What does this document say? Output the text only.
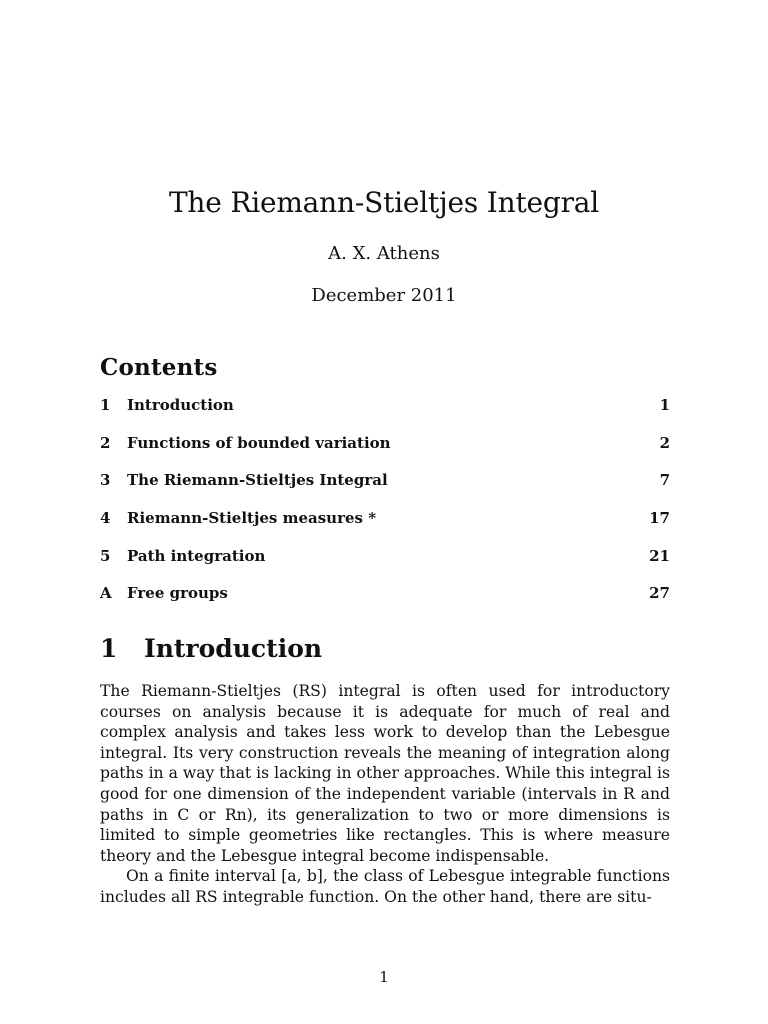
The Riemann-Stieltjes Integral
A. X. Athens
December 2011
Contents
1	Introduction	1
2	Functions of bounded variation	2
3	The Riemann-Stieltjes Integral	7
4	Riemann-Stieltjes measures *	17
5	Path integration	21
A	Free groups	27
1	Introduction

The Riemann-Stieltjes (RS) integral is often used for introductory courses on analysis because it is adequate for much of real and complex analysis and takes less work to develop than the Lebesgue integral. Its very construction reveals the meaning of integration along paths in a way that is lacking in other approaches. While this integral is good for one dimension of the independent variable (intervals in R and paths in C or Rn), its generalization to two or more dimensions is limited to simple geometries like rectangles. This is where measure theory and the Lebesgue integral become indispensable.

On a finite interval [a, b], the class of Lebesgue integrable functions includes all RS integrable function. On the other hand, there are situ-

1
